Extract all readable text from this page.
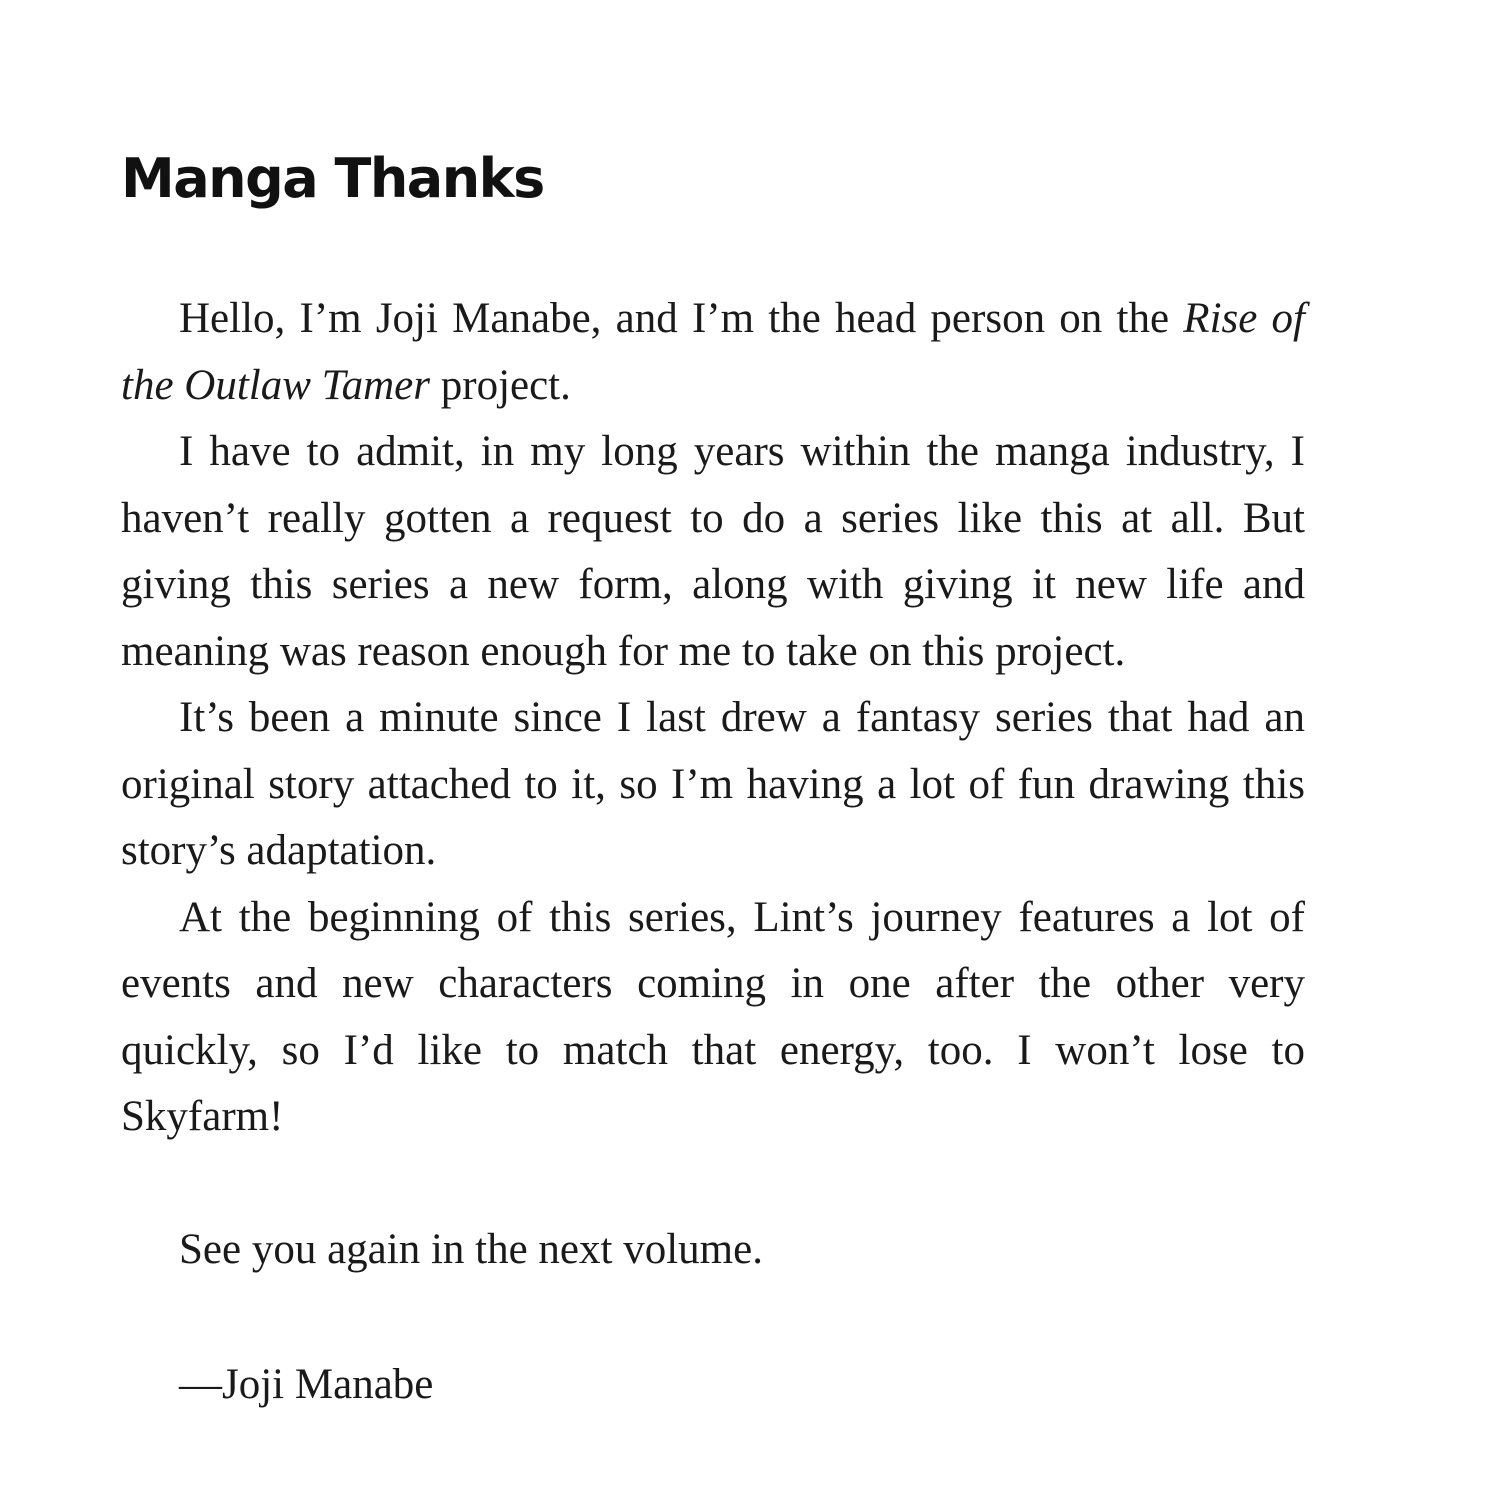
Manga Thanks

Hello, I’m Joji Manabe, and I’m the head person on the Rise of the Outlaw Tamer project.

I have to admit, in my long years within the manga industry, I haven’t really gotten a request to do a series like this at all. But giving this series a new form, along with giving it new life and meaning was reason enough for me to take on this project.

It’s been a minute since I last drew a fantasy series that had an original story attached to it, so I’m having a lot of fun drawing this story’s adaptation.

At the beginning of this series, Lint’s journey features a lot of events and new characters coming in one after the other very quickly, so I’d like to match that energy, too. I won’t lose to Skyfarm!

See you again in the next volume.
—Joji Manabe
